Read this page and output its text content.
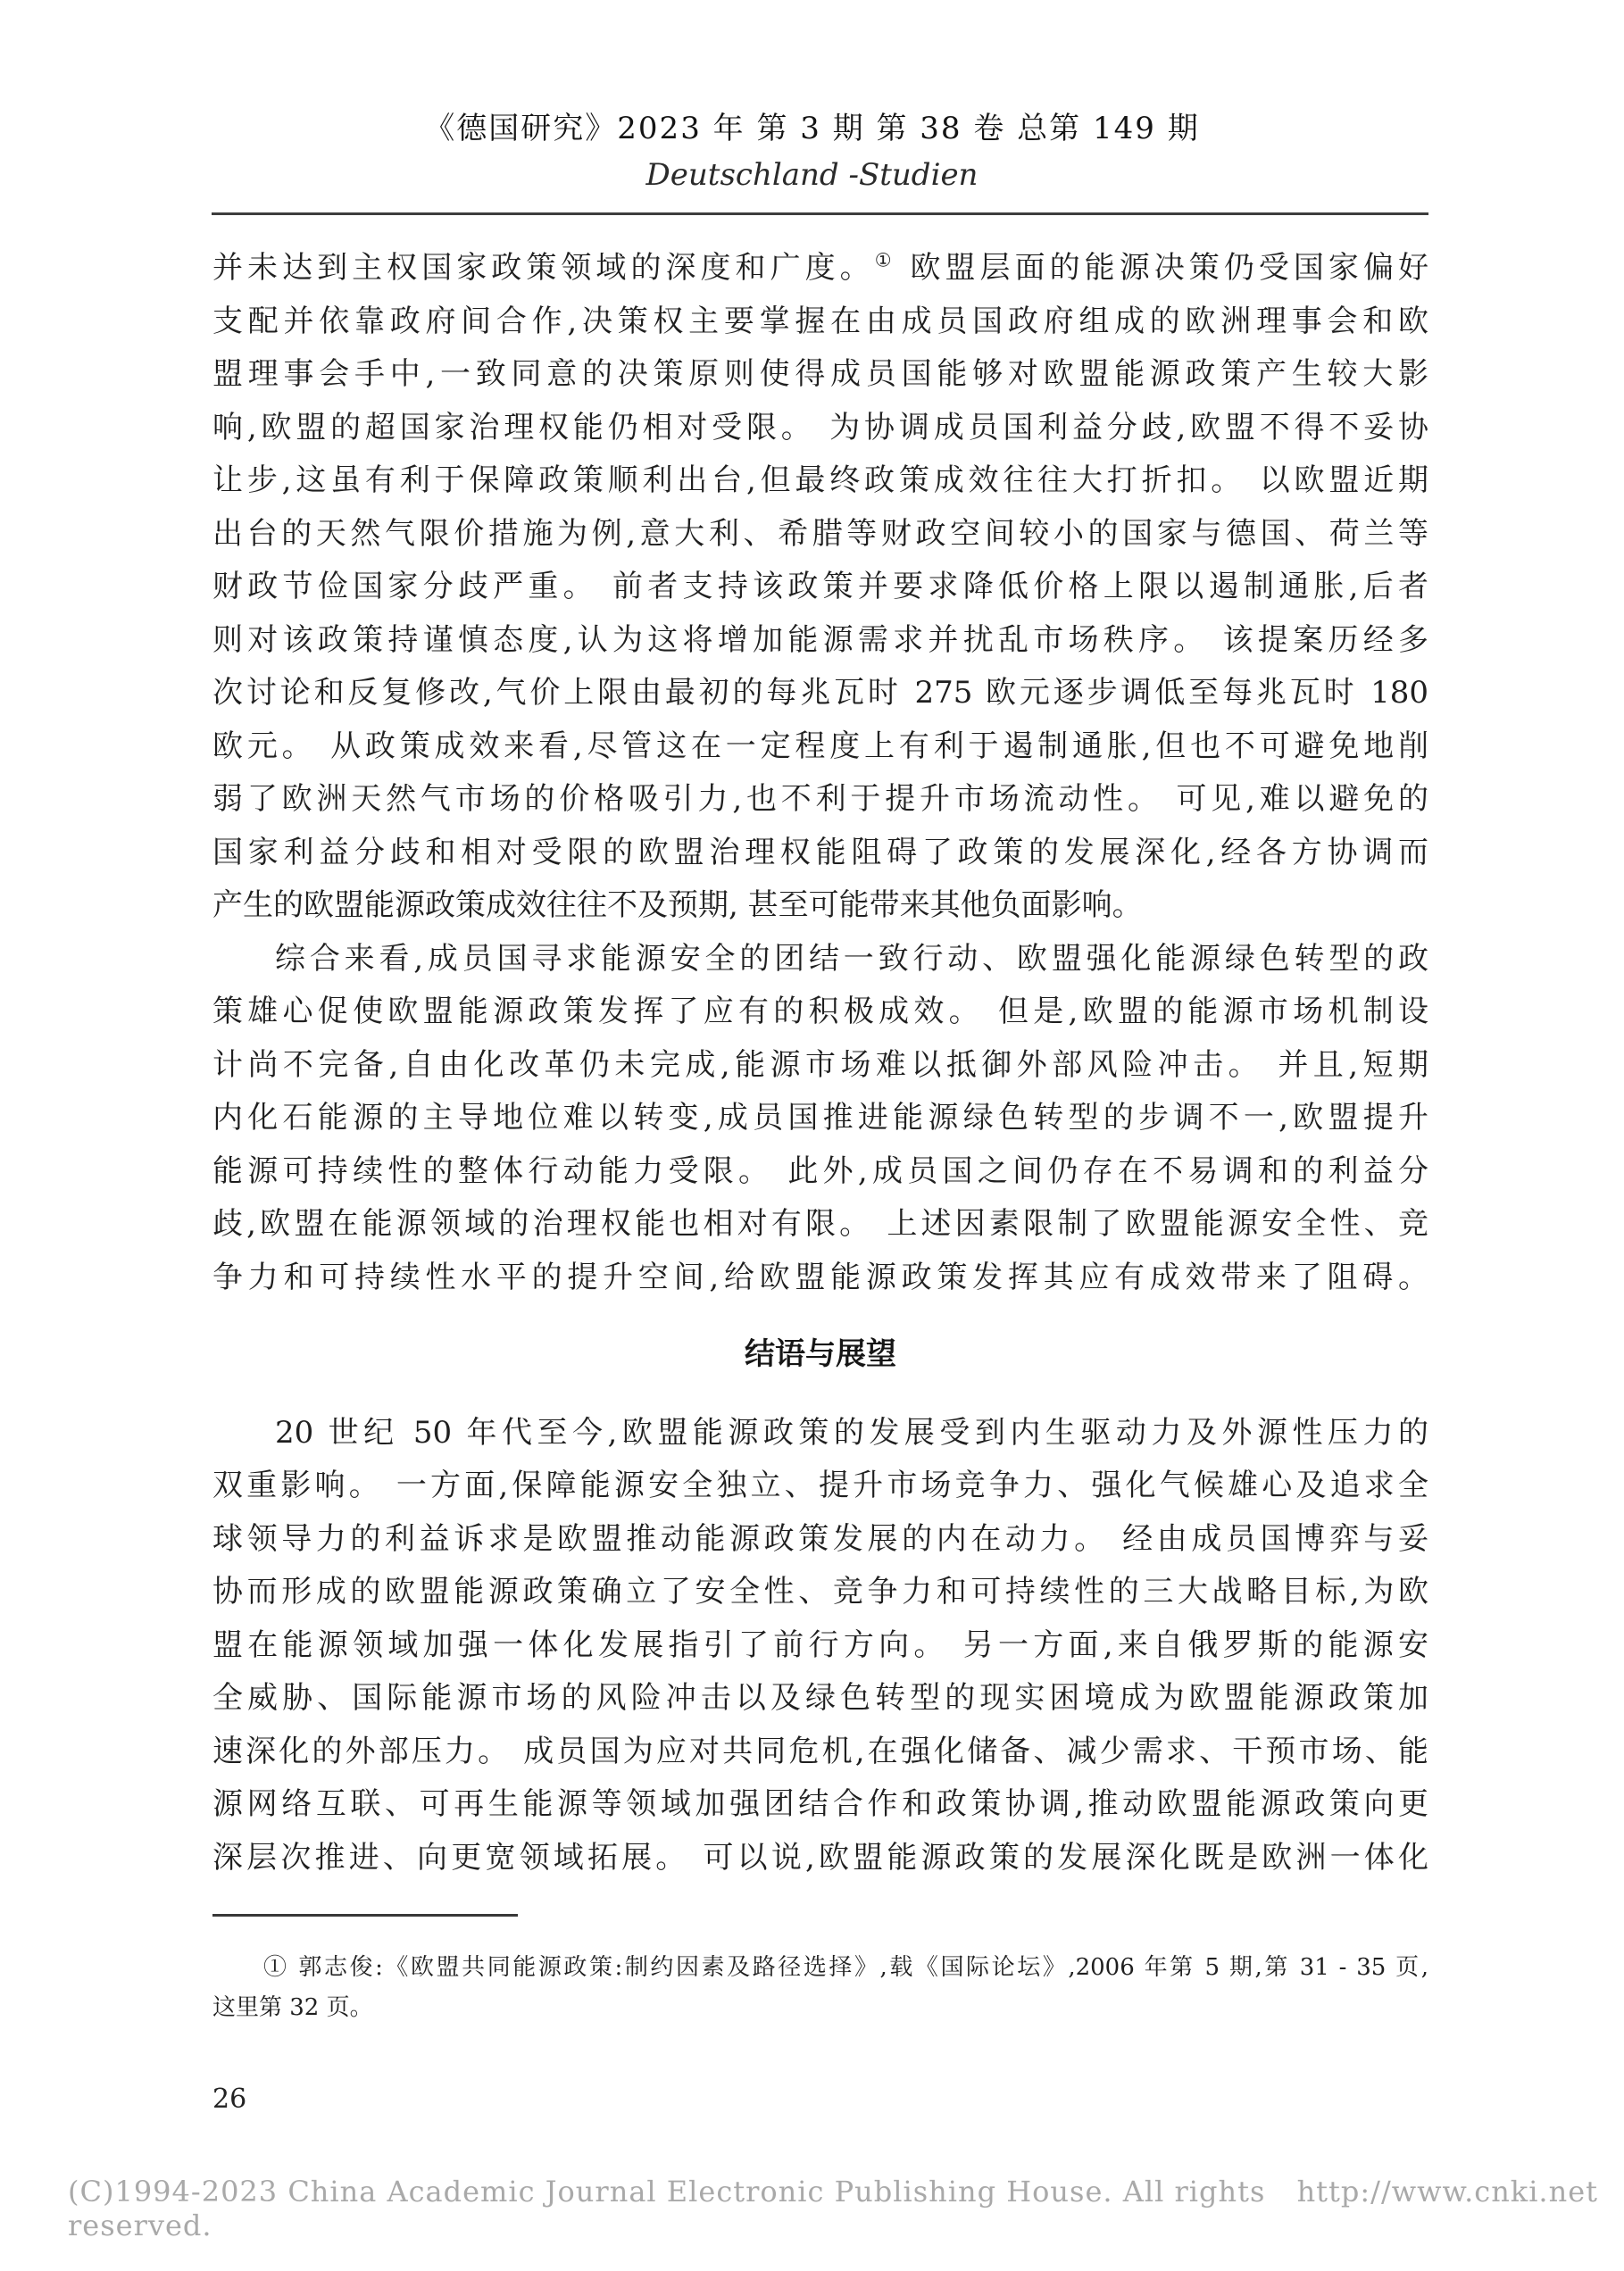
《德国研究》2023 年 第 3 期 第 38 卷 总第 149 期
Deutschland -Studien
并未达到主权国家政策领域的深度和广度。① 欧盟层面的能源决策仍受国家偏好
支配并依靠政府间合作,决策权主要掌握在由成员国政府组成的欧洲理事会和欧
盟理事会手中,一致同意的决策原则使得成员国能够对欧盟能源政策产生较大影
响,欧盟的超国家治理权能仍相对受限。 为协调成员国利益分歧,欧盟不得不妥协
让步,这虽有利于保障政策顺利出台,但最终政策成效往往大打折扣。 以欧盟近期
出台的天然气限价措施为例,意大利、希腊等财政空间较小的国家与德国、荷兰等
财政节俭国家分歧严重。 前者支持该政策并要求降低价格上限以遏制通胀,后者
则对该政策持谨慎态度,认为这将增加能源需求并扰乱市场秩序。 该提案历经多
次讨论和反复修改,气价上限由最初的每兆瓦时 275 欧元逐步调低至每兆瓦时 180
欧元。 从政策成效来看,尽管这在一定程度上有利于遏制通胀,但也不可避免地削
弱了欧洲天然气市场的价格吸引力,也不利于提升市场流动性。 可见,难以避免的
国家利益分歧和相对受限的欧盟治理权能阻碍了政策的发展深化,经各方协调而
产生的欧盟能源政策成效往往不及预期, 甚至可能带来其他负面影响。
综合来看,成员国寻求能源安全的团结一致行动、欧盟强化能源绿色转型的政
策雄心促使欧盟能源政策发挥了应有的积极成效。 但是,欧盟的能源市场机制设
计尚不完备,自由化改革仍未完成,能源市场难以抵御外部风险冲击。 并且,短期
内化石能源的主导地位难以转变,成员国推进能源绿色转型的步调不一,欧盟提升
能源可持续性的整体行动能力受限。 此外,成员国之间仍存在不易调和的利益分
歧,欧盟在能源领域的治理权能也相对有限。 上述因素限制了欧盟能源安全性、竞
争力和可持续性水平的提升空间,给欧盟能源政策发挥其应有成效带来了阻碍。
结语与展望
20 世纪 50 年代至今,欧盟能源政策的发展受到内生驱动力及外源性压力的
双重影响。 一方面,保障能源安全独立、提升市场竞争力、强化气候雄心及追求全
球领导力的利益诉求是欧盟推动能源政策发展的内在动力。 经由成员国博弈与妥
协而形成的欧盟能源政策确立了安全性、竞争力和可持续性的三大战略目标,为欧
盟在能源领域加强一体化发展指引了前行方向。 另一方面,来自俄罗斯的能源安
全威胁、国际能源市场的风险冲击以及绿色转型的现实困境成为欧盟能源政策加
速深化的外部压力。 成员国为应对共同危机,在强化储备、减少需求、干预市场、能
源网络互联、可再生能源等领域加强团结合作和政策协调,推动欧盟能源政策向更
深层次推进、向更宽领域拓展。 可以说,欧盟能源政策的发展深化既是欧洲一体化
① 郭志俊:《欧盟共同能源政策:制约因素及路径选择》,载《国际论坛》,2006 年第 5 期,第 31 - 35 页,
这里第 32 页。
26
(C)1994-2023 China Academic Journal Electronic Publishing House. All rights reserved.
http://www.cnki.net
